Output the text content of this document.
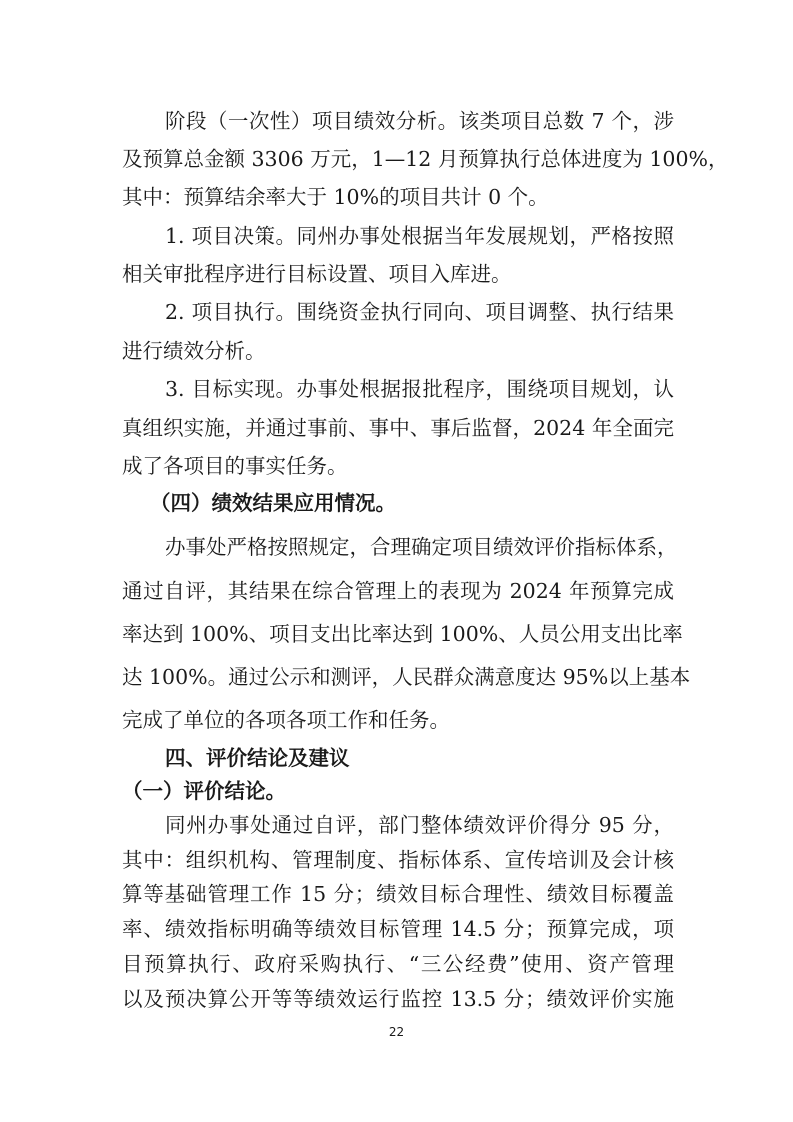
阶段（一次性）项目绩效分析。该类项目总数 7 个，涉
及预算总金额 3306 万元，1—12 月预算执行总体进度为 100%，
其中：预算结余率大于 10%的项目共计 0 个。
1. 项目决策。同州办事处根据当年发展规划，严格按照
相关审批程序进行目标设置、项目入库进。
2. 项目执行。围绕资金执行同向、项目调整、执行结果
进行绩效分析。
3. 目标实现。办事处根据报批程序，围绕项目规划，认
真组织实施，并通过事前、事中、事后监督，2024 年全面完
成了各项目的事实任务。
（四）绩效结果应用情况。
办事处严格按照规定，合理确定项目绩效评价指标体系，
通过自评，其结果在综合管理上的表现为 2024 年预算完成
率达到 100%、项目支出比率达到 100%、人员公用支出比率
达 100%。通过公示和测评，人民群众满意度达 95%以上基本
完成了单位的各项各项工作和任务。
四、评价结论及建议
（一）评价结论。
同州办事处通过自评，部门整体绩效评价得分 95 分，
其中：组织机构、管理制度、指标体系、宣传培训及会计核
算等基础管理工作 15 分；绩效目标合理性、绩效目标覆盖
率、绩效指标明确等绩效目标管理 14.5 分；预算完成，项
目预算执行、政府采购执行、“三公经费”使用、资产管理
以及预决算公开等等绩效运行监控 13.5 分；绩效评价实施
22
